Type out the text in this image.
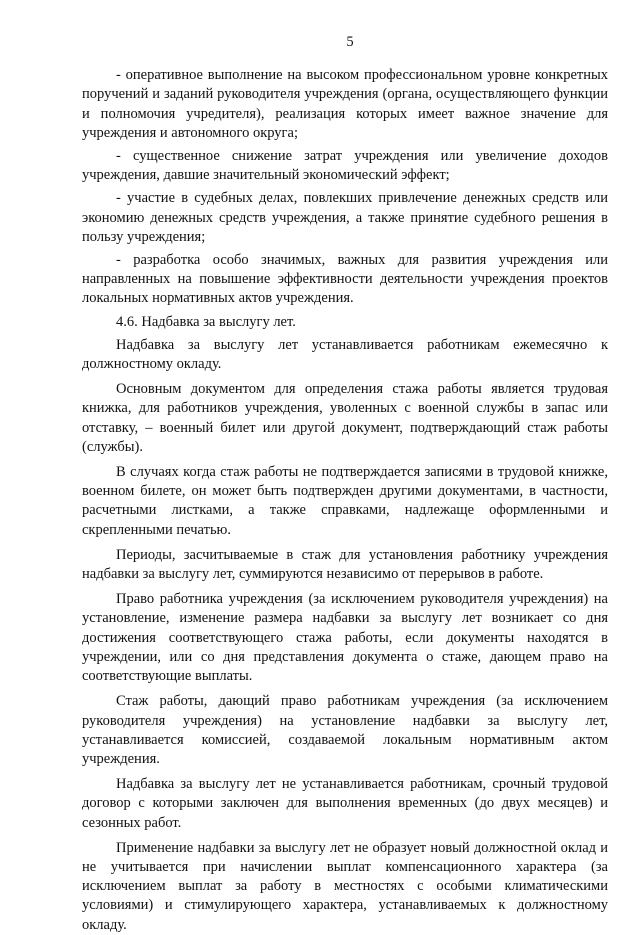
5

- оперативное выполнение на высоком профессиональном уровне конкретных поручений и заданий руководителя учреждения (органа, осуществляющего функции и полномочия учредителя), реализация которых имеет важное значение для учреждения и автономного округа;

- существенное снижение затрат учреждения или увеличение доходов учреждения, давшие значительный экономический эффект;

- участие в судебных делах, повлекших привлечение денежных средств или экономию денежных средств учреждения, а также принятие судебного решения в пользу учреждения;

- разработка особо значимых, важных для развития учреждения или направленных на повышение эффективности деятельности учреждения проектов локальных нормативных актов учреждения.

4.6. Надбавка за выслугу лет.

Надбавка за выслугу лет устанавливается работникам ежемесячно к должностному окладу.

Основным документом для определения стажа работы является трудовая книжка, для работников учреждения, уволенных с военной службы в запас или отставку, – военный билет или другой документ, подтверждающий стаж работы (службы).

В случаях когда стаж работы не подтверждается записями в трудовой книжке, военном билете, он может быть подтвержден другими документами, в частности, расчетными листками, а также справками, надлежаще оформленными и скрепленными печатью.

Периоды, засчитываемые в стаж для установления работнику учреждения надбавки за выслугу лет, суммируются независимо от перерывов в работе.

Право работника учреждения (за исключением руководителя учреждения) на установление, изменение размера надбавки за выслугу лет возникает со дня достижения соответствующего стажа работы, если документы находятся в учреждении, или со дня представления документа о стаже, дающем право на соответствующие выплаты.

Стаж работы, дающий право работникам учреждения (за исключением руководителя учреждения) на установление надбавки за выслугу лет, устанавливается комиссией, создаваемой локальным нормативным актом учреждения.

Надбавка за выслугу лет не устанавливается работникам, срочный трудовой договор с которыми заключен для выполнения временных (до двух месяцев) и сезонных работ.

Применение надбавки за выслугу лет не образует новый должностной оклад и не учитывается при начислении выплат компенсационного характера (за исключением выплат за работу в местностях с особыми климатическими условиями) и стимулирующего характера, устанавливаемых к должностному окладу.
